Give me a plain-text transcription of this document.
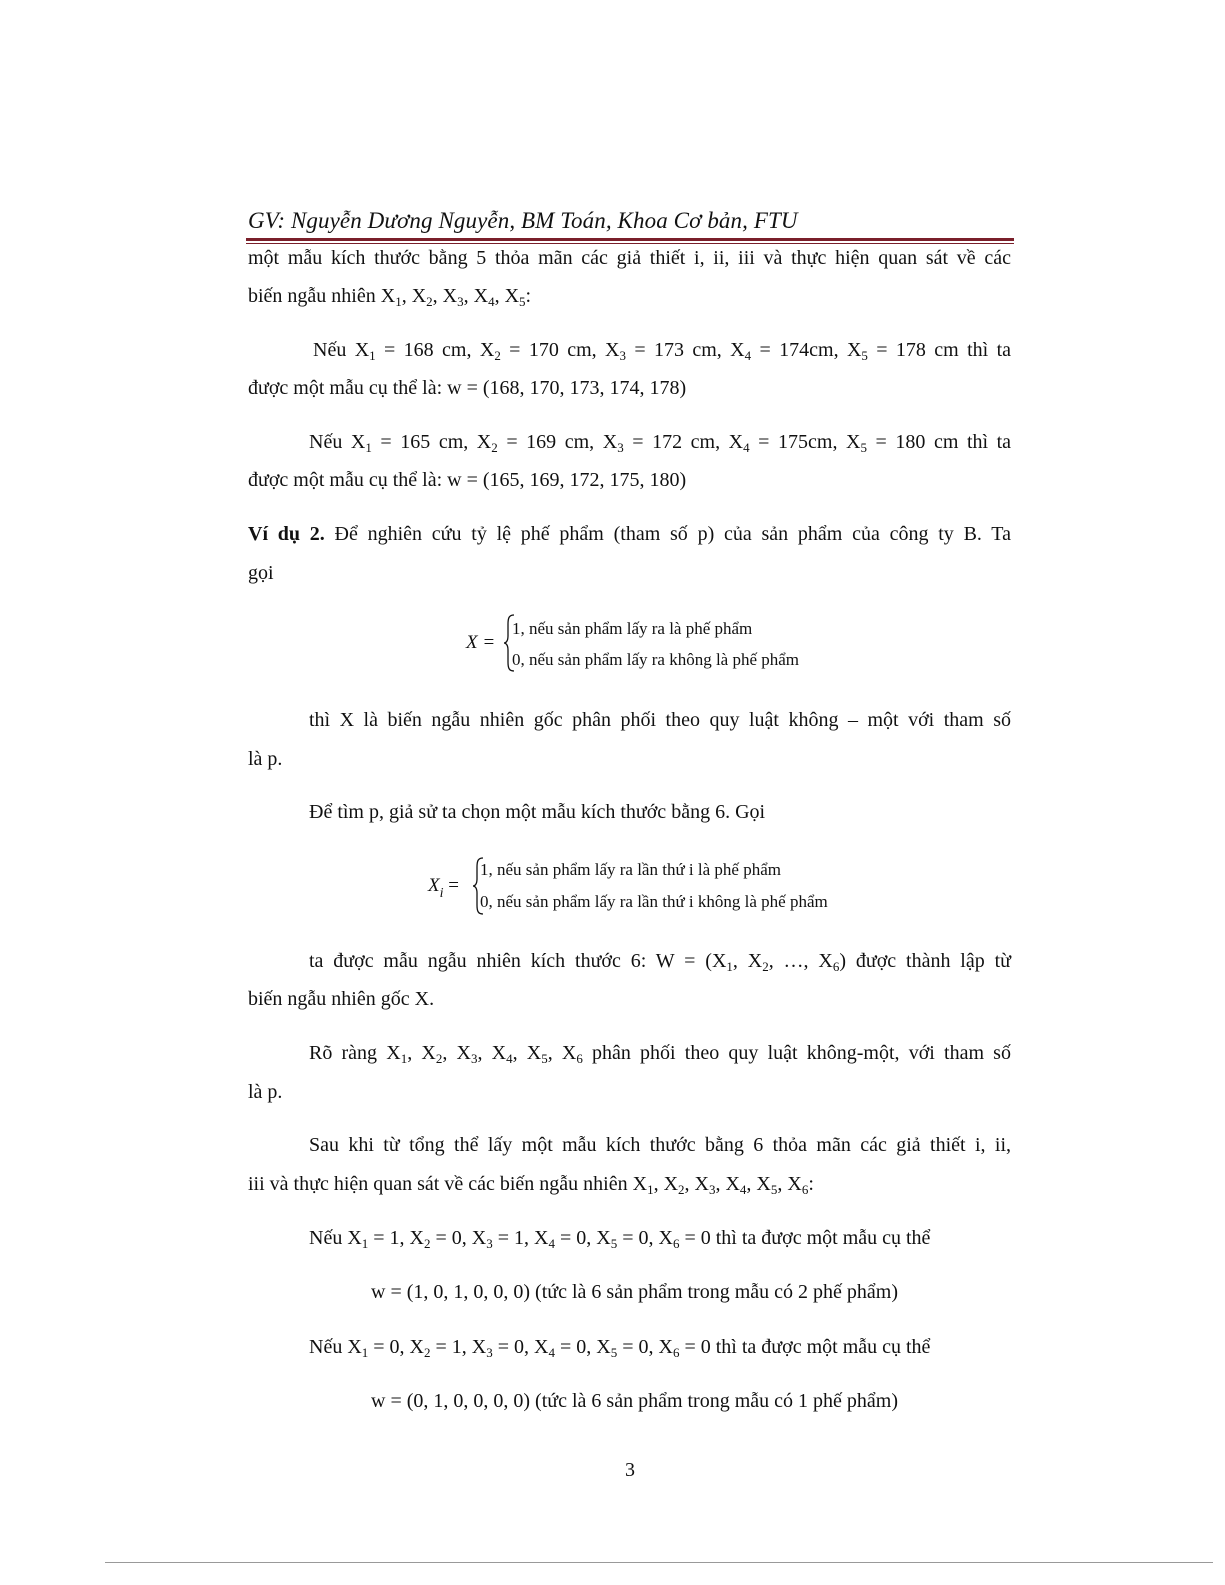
GV: Nguyễn Dương Nguyễn, BM Toán, Khoa Cơ bản, FTU
một mẫu kích thước bằng 5 thỏa mãn các giả thiết i, ii, iii và thực hiện quan sát về các
biến ngẫu nhiên $X_1$, $X_2$, $X_3$, $X_4$, $X_5$:
Nếu $X_1 = 168$ cm, $X_2 = 170$ cm, $X_3 = 173$ cm, $X_4 = 174cm$, $X_5 = 178$ cm thì ta
được một mẫu cụ thể là: w = (168, 170, 173, 174, 178)
Nếu $X_1 = 165$ cm, $X_2 = 169$ cm, $X_3 = 172$ cm, $X_4 = 175cm$, $X_5 = 180$ cm thì ta
được một mẫu cụ thể là: w = (165, 169, 172, 175, 180)
Ví dụ 2. Để nghiên cứu tỷ lệ phế phẩm (tham số p) của sản phẩm của công ty B. Ta
gọi
X =
1, nếu sản phẩm lấy ra là phế phẩm
0, nếu sản phẩm lấy ra không là phế phẩm
thì X là biến ngẫu nhiên gốc phân phối theo quy luật không – một với tham số
là p.
Để tìm p, giả sử ta chọn một mẫu kích thước bằng 6. Gọi
$X_i$ =
1, nếu sản phẩm lấy ra lần thứ i là phế phẩm
0, nếu sản phẩm lấy ra lần thứ i không là phế phẩm
ta được mẫu ngẫu nhiên kích thước 6: $W = (X_1$, $X_2$, …, $X_6$) được thành lập từ
biến ngẫu nhiên gốc X.
Rõ ràng $X_1$, $X_2$, $X_3$, $X_4$, $X_5$, $X_6$ phân phối theo quy luật không-một, với tham số
là p.
Sau khi từ tổng thể lấy một mẫu kích thước bằng 6 thỏa mãn các giả thiết i, ii,
iii và thực hiện quan sát về các biến ngẫu nhiên $X_1$, $X_2$, $X_3$, $X_4$, $X_5$, $X_6$:
Nếu $X_1 = 1$, $X_2 = 0$, $X_3 = 1$, $X_4 = 0$, $X_5 = 0$, $X_6 = 0$ thì ta được một mẫu cụ thể
w = (1, 0, 1, 0, 0, 0) (tức là 6 sản phẩm trong mẫu có 2 phế phẩm)
Nếu $X_1 = 0$, $X_2 = 1$, $X_3 = 0$, $X_4 = 0$, $X_5 = 0$, $X_6 = 0$ thì ta được một mẫu cụ thể
w = (0, 1, 0, 0, 0, 0) (tức là 6 sản phẩm trong mẫu có 1 phế phẩm)
3
